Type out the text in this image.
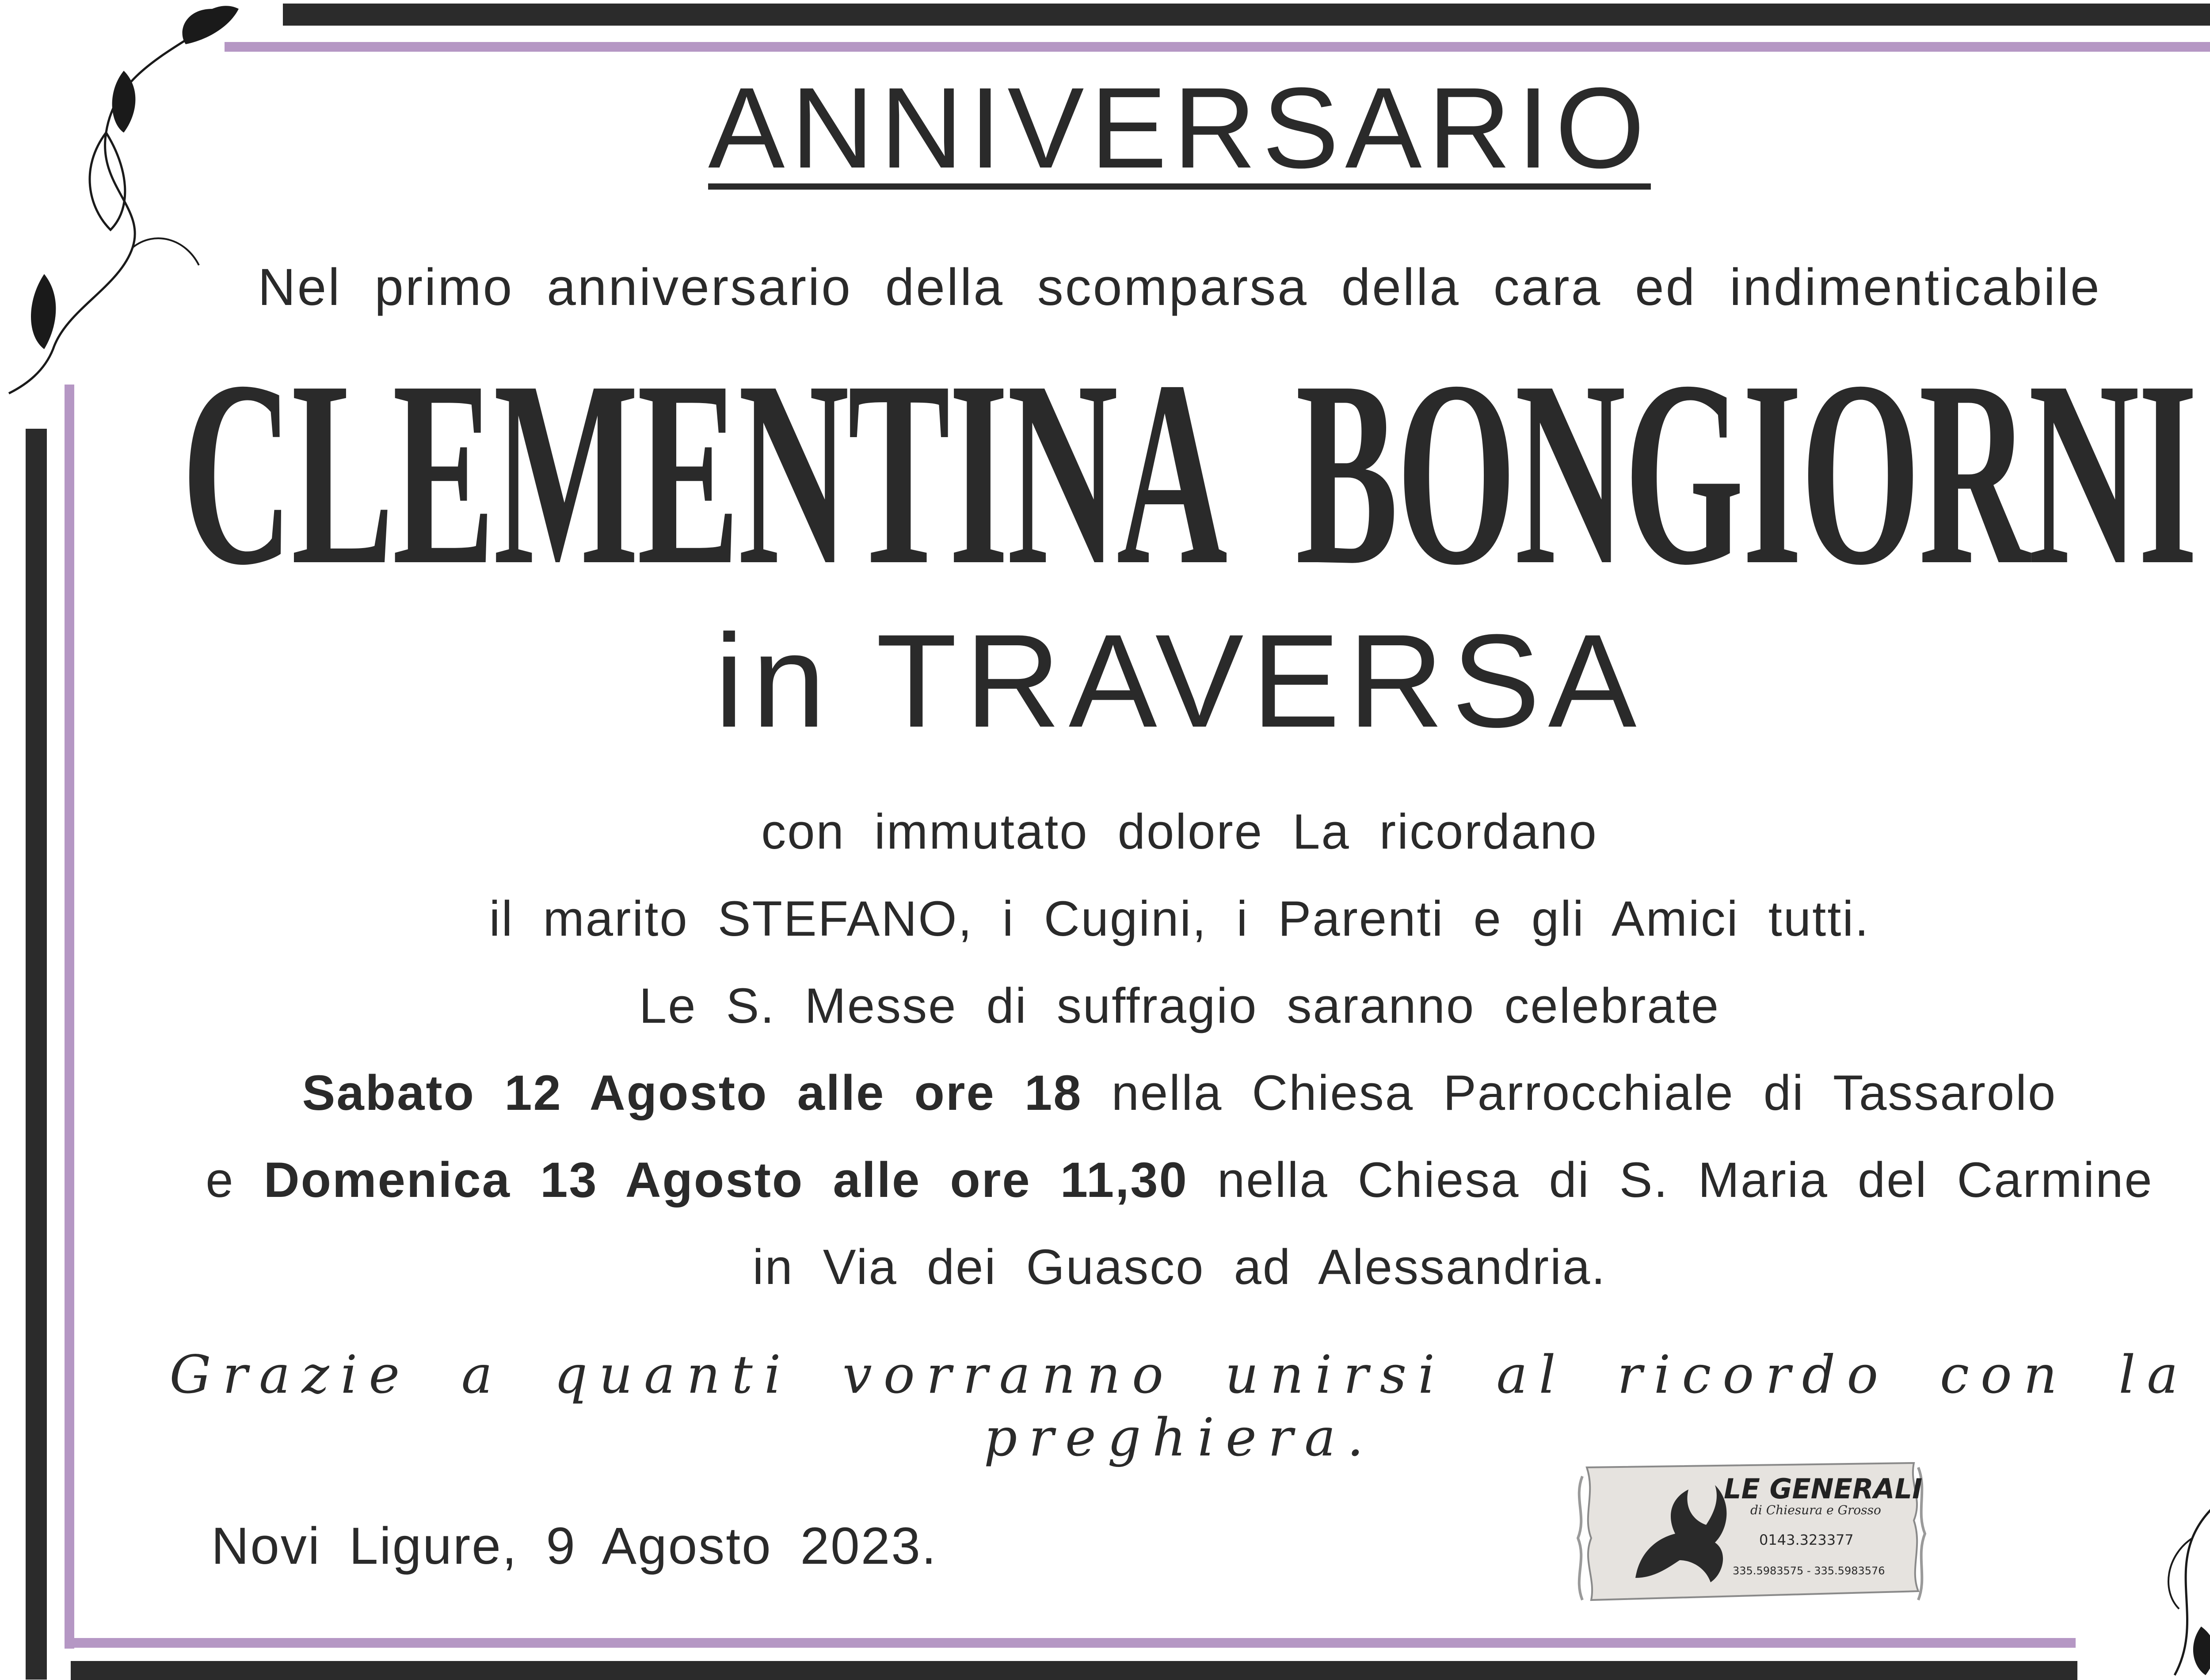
ANNIVERSARIO
Nel primo anniversario della scomparsa della cara ed indimenticabile
CLEMENTINA BONGIORNI
in TRAVERSA
con immutato dolore La ricordano
il marito STEFANO, i Cugini, i Parenti e gli Amici tutti.
Le S. Messe di suffragio saranno celebrate
Sabato 12 Agosto alle ore 18 nella Chiesa Parrocchiale di Tassarolo
e Domenica 13 Agosto alle ore 11,30 nella Chiesa di S. Maria del Carmine
in Via dei Guasco ad Alessandria.
Grazie a quanti vorranno unirsi al ricordo con la preghiera.
Novi Ligure, 9 Agosto 2023.
LE GENERALI
di Chiesura e Grosso
0143.323377
335.5983575 - 335.5983576
